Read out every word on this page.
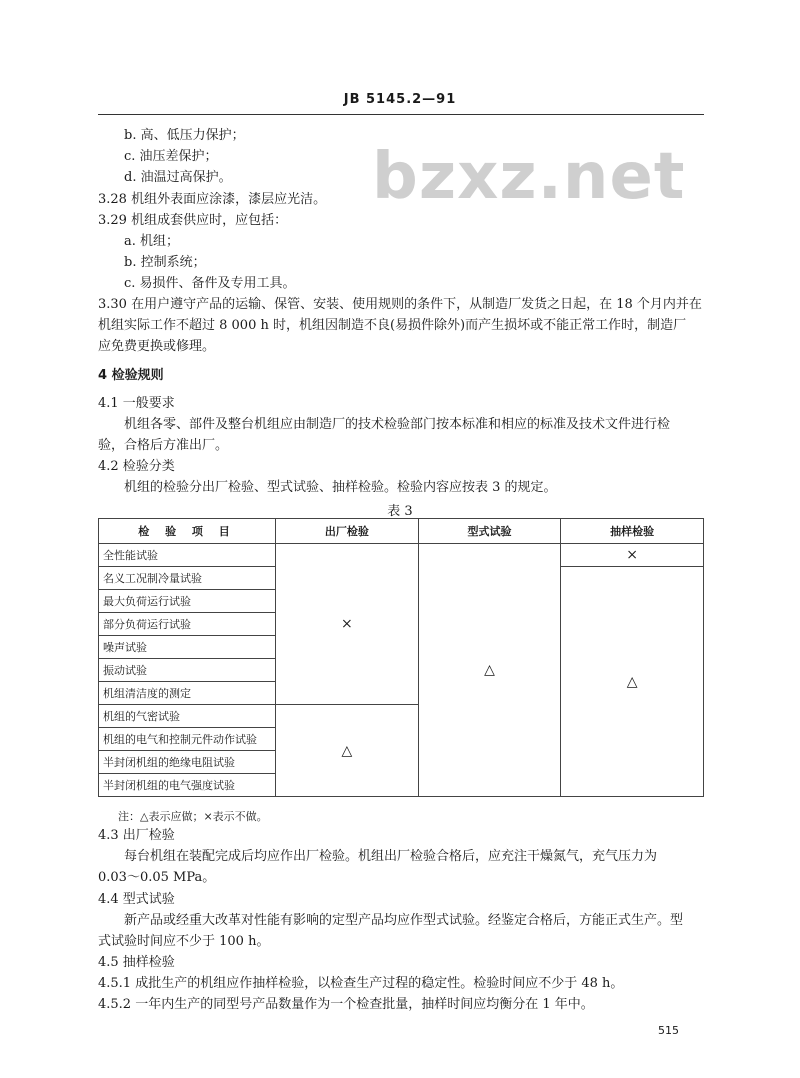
JB 5145.2—91
bzxz.net
b. 高、低压力保护；
c. 油压差保护；
d. 油温过高保护。
3.28 机组外表面应涂漆，漆层应光洁。
3.29 机组成套供应时，应包括：
a. 机组；
b. 控制系统；
c. 易损件、备件及专用工具。
3.30 在用户遵守产品的运输、保管、安装、使用规则的条件下，从制造厂发货之日起，在 18 个月内并在
机组实际工作不超过 8 000 h 时，机组因制造不良(易损件除外)而产生损坏或不能正常工作时，制造厂
应免费更换或修理。
4 检验规则
4.1 一般要求
机组各零、部件及整台机组应由制造厂的技术检验部门按本标准和相应的标准及技术文件进行检
验，合格后方准出厂。
4.2 检验分类
机组的检验分出厂检验、型式试验、抽样检验。检验内容应按表 3 的规定。
表 3
检 验 项 目	出厂检验	型式试验	抽样检验
全性能试验	×	△	×
名义工况制冷量试验			△
最大负荷运行试验			
部分负荷运行试验			
噪声试验			
振动试验			
机组清洁度的测定			
机组的气密试验	△		
机组的电气和控制元件动作试验			
半封闭机组的绝缘电阻试验			
半封闭机组的电气强度试验			
注：△表示应做；×表示不做。
4.3 出厂检验
每台机组在装配完成后均应作出厂检验。机组出厂检验合格后，应充注干燥氮气，充气压力为
0.03～0.05 MPa。
4.4 型式试验
新产品或经重大改革对性能有影响的定型产品均应作型式试验。经鉴定合格后，方能正式生产。型
式试验时间应不少于 100 h。
4.5 抽样检验
4.5.1 成批生产的机组应作抽样检验，以检查生产过程的稳定性。检验时间应不少于 48 h。
4.5.2 一年内生产的同型号产品数量作为一个检查批量，抽样时间应均衡分在 1 年中。
515
